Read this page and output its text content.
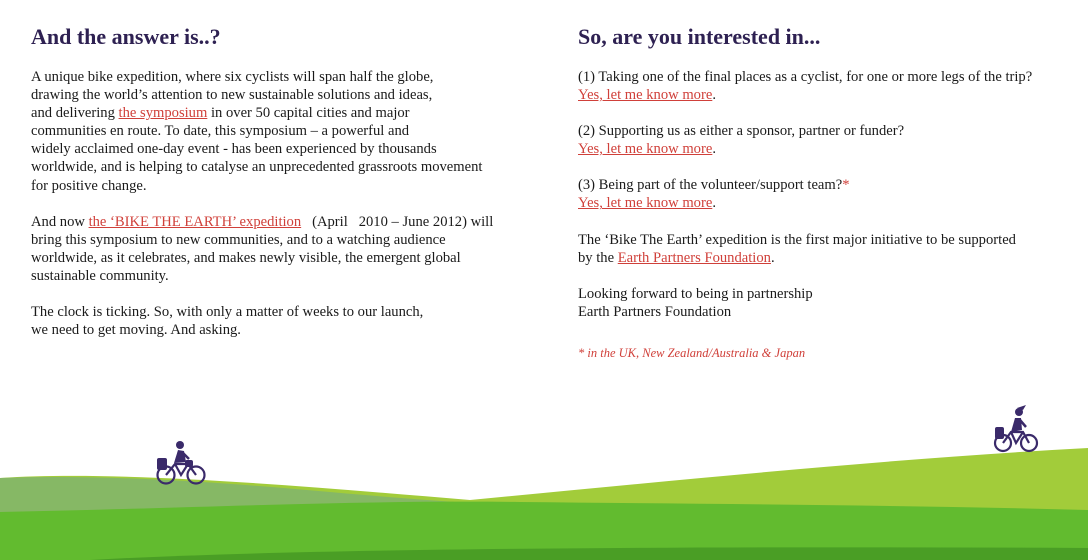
And the answer is..?

A unique bike expedition, where six cyclists will span half the globe,
drawing the world’s attention to new sustainable solutions and ideas,
and delivering the symposium in over 50 capital cities and major
communities en route. To date, this symposium – a powerful and
widely acclaimed one-day event - has been experienced by thousands
worldwide, and is helping to catalyse an unprecedented grassroots movement
for positive change.

And now the ‘BIKE THE EARTH’ expedition   (April   2010 – June 2012) will
bring this symposium to new communities, and to a watching audience
worldwide, as it celebrates, and makes newly visible, the emergent global
sustainable community.

The clock is ticking. So, with only a matter of weeks to our launch,
we need to get moving. And asking.

So, are you interested in...

(1) Taking one of the final places as a cyclist, for one or more legs of the trip?
Yes, let me know more.

(2) Supporting us as either a sponsor, partner or funder?
Yes, let me know more.

(3) Being part of the volunteer/support team?*
Yes, let me know more.

The ‘Bike The Earth’ expedition is the first major initiative to be supported
by the Earth Partners Foundation.

Looking forward to being in partnership
Earth Partners Foundation

* in the UK, New Zealand/Australia & Japan
